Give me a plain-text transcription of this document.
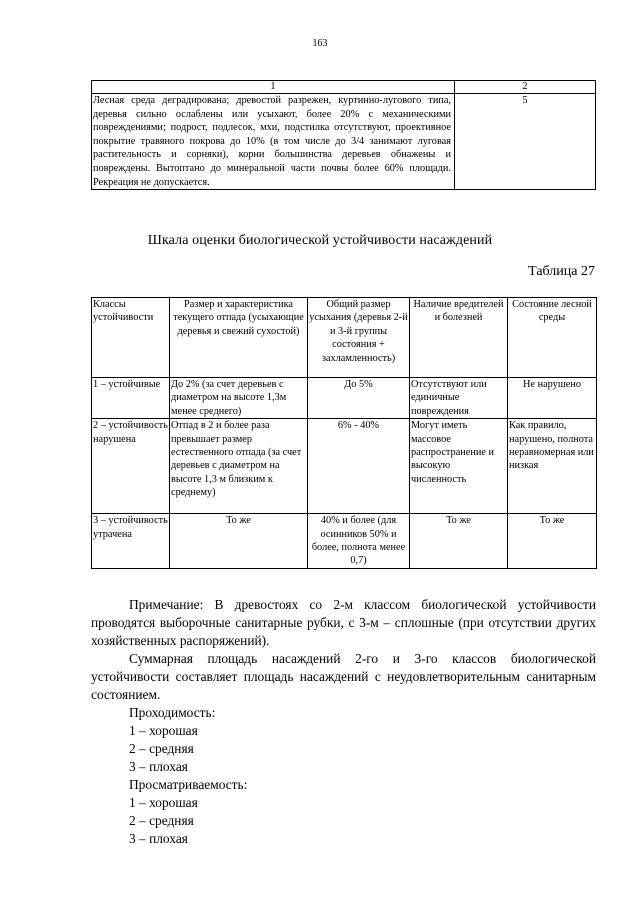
163
1	2
Лесная среда деградирована; древостой разрежен, куртинно-лугового типа, деревья сильно ослаблены или усыхают, более 20% с механическими повреждениями; подрост, подлесок, мхи, подстилка отсутствуют, проективное покрытие травяного покрова до 10% (в том числе до 3/4 занимают луговая растительность и сорняки), корни большинства деревьев обнажены и повреждены. Вытоптано до минеральной части почвы более 60% площади. Рекреация не допускается.	5
Шкала оценки биологической устойчивости насаждений
Таблица 27
Классы устойчивости	Размер и характеристика текущего отпада (усыхающие деревья и свежий сухостой)	Общий размер усыхания (деревья 2-й и 3-й группы состояния + захламленность)	Наличие вредителей и болезней	Состояние лесной среды
1 – устойчивые	До 2% (за счет деревьев с диаметром на высоте 1,3м менее среднего)	До 5%	Отсутствуют или единичные повреждения	Не нарушено
2 – устойчивость нарушена	Отпад в 2 и более раза превышает размер естественного отпада (за счет деревьев с диаметром на высоте 1,3 м близким к среднему)	6% - 40%	Могут иметь массовое распространение и высокую численность	Как правило, нарушено, полнота неравномерная или низкая
3 – устойчивость утрачена	То же	40% и более (для осинников 50% и более, полнота менее 0,7)	То же	То же

Примечание: В древостоях со 2-м классом биологической устойчивости проводятся выборочные санитарные рубки, с 3-м – сплошные (при отсутствии других хозяйственных распоряжений).

Суммарная площадь насаждений 2-го и 3-го классов биологической устойчивости составляет площадь насаждений с неудовлетворительным санитарным состоянием.

Проходимость:
1 – хорошая
2 – средняя
3 – плохая
Просматриваемость:
1 – хорошая
2 – средняя
3 – плохая
